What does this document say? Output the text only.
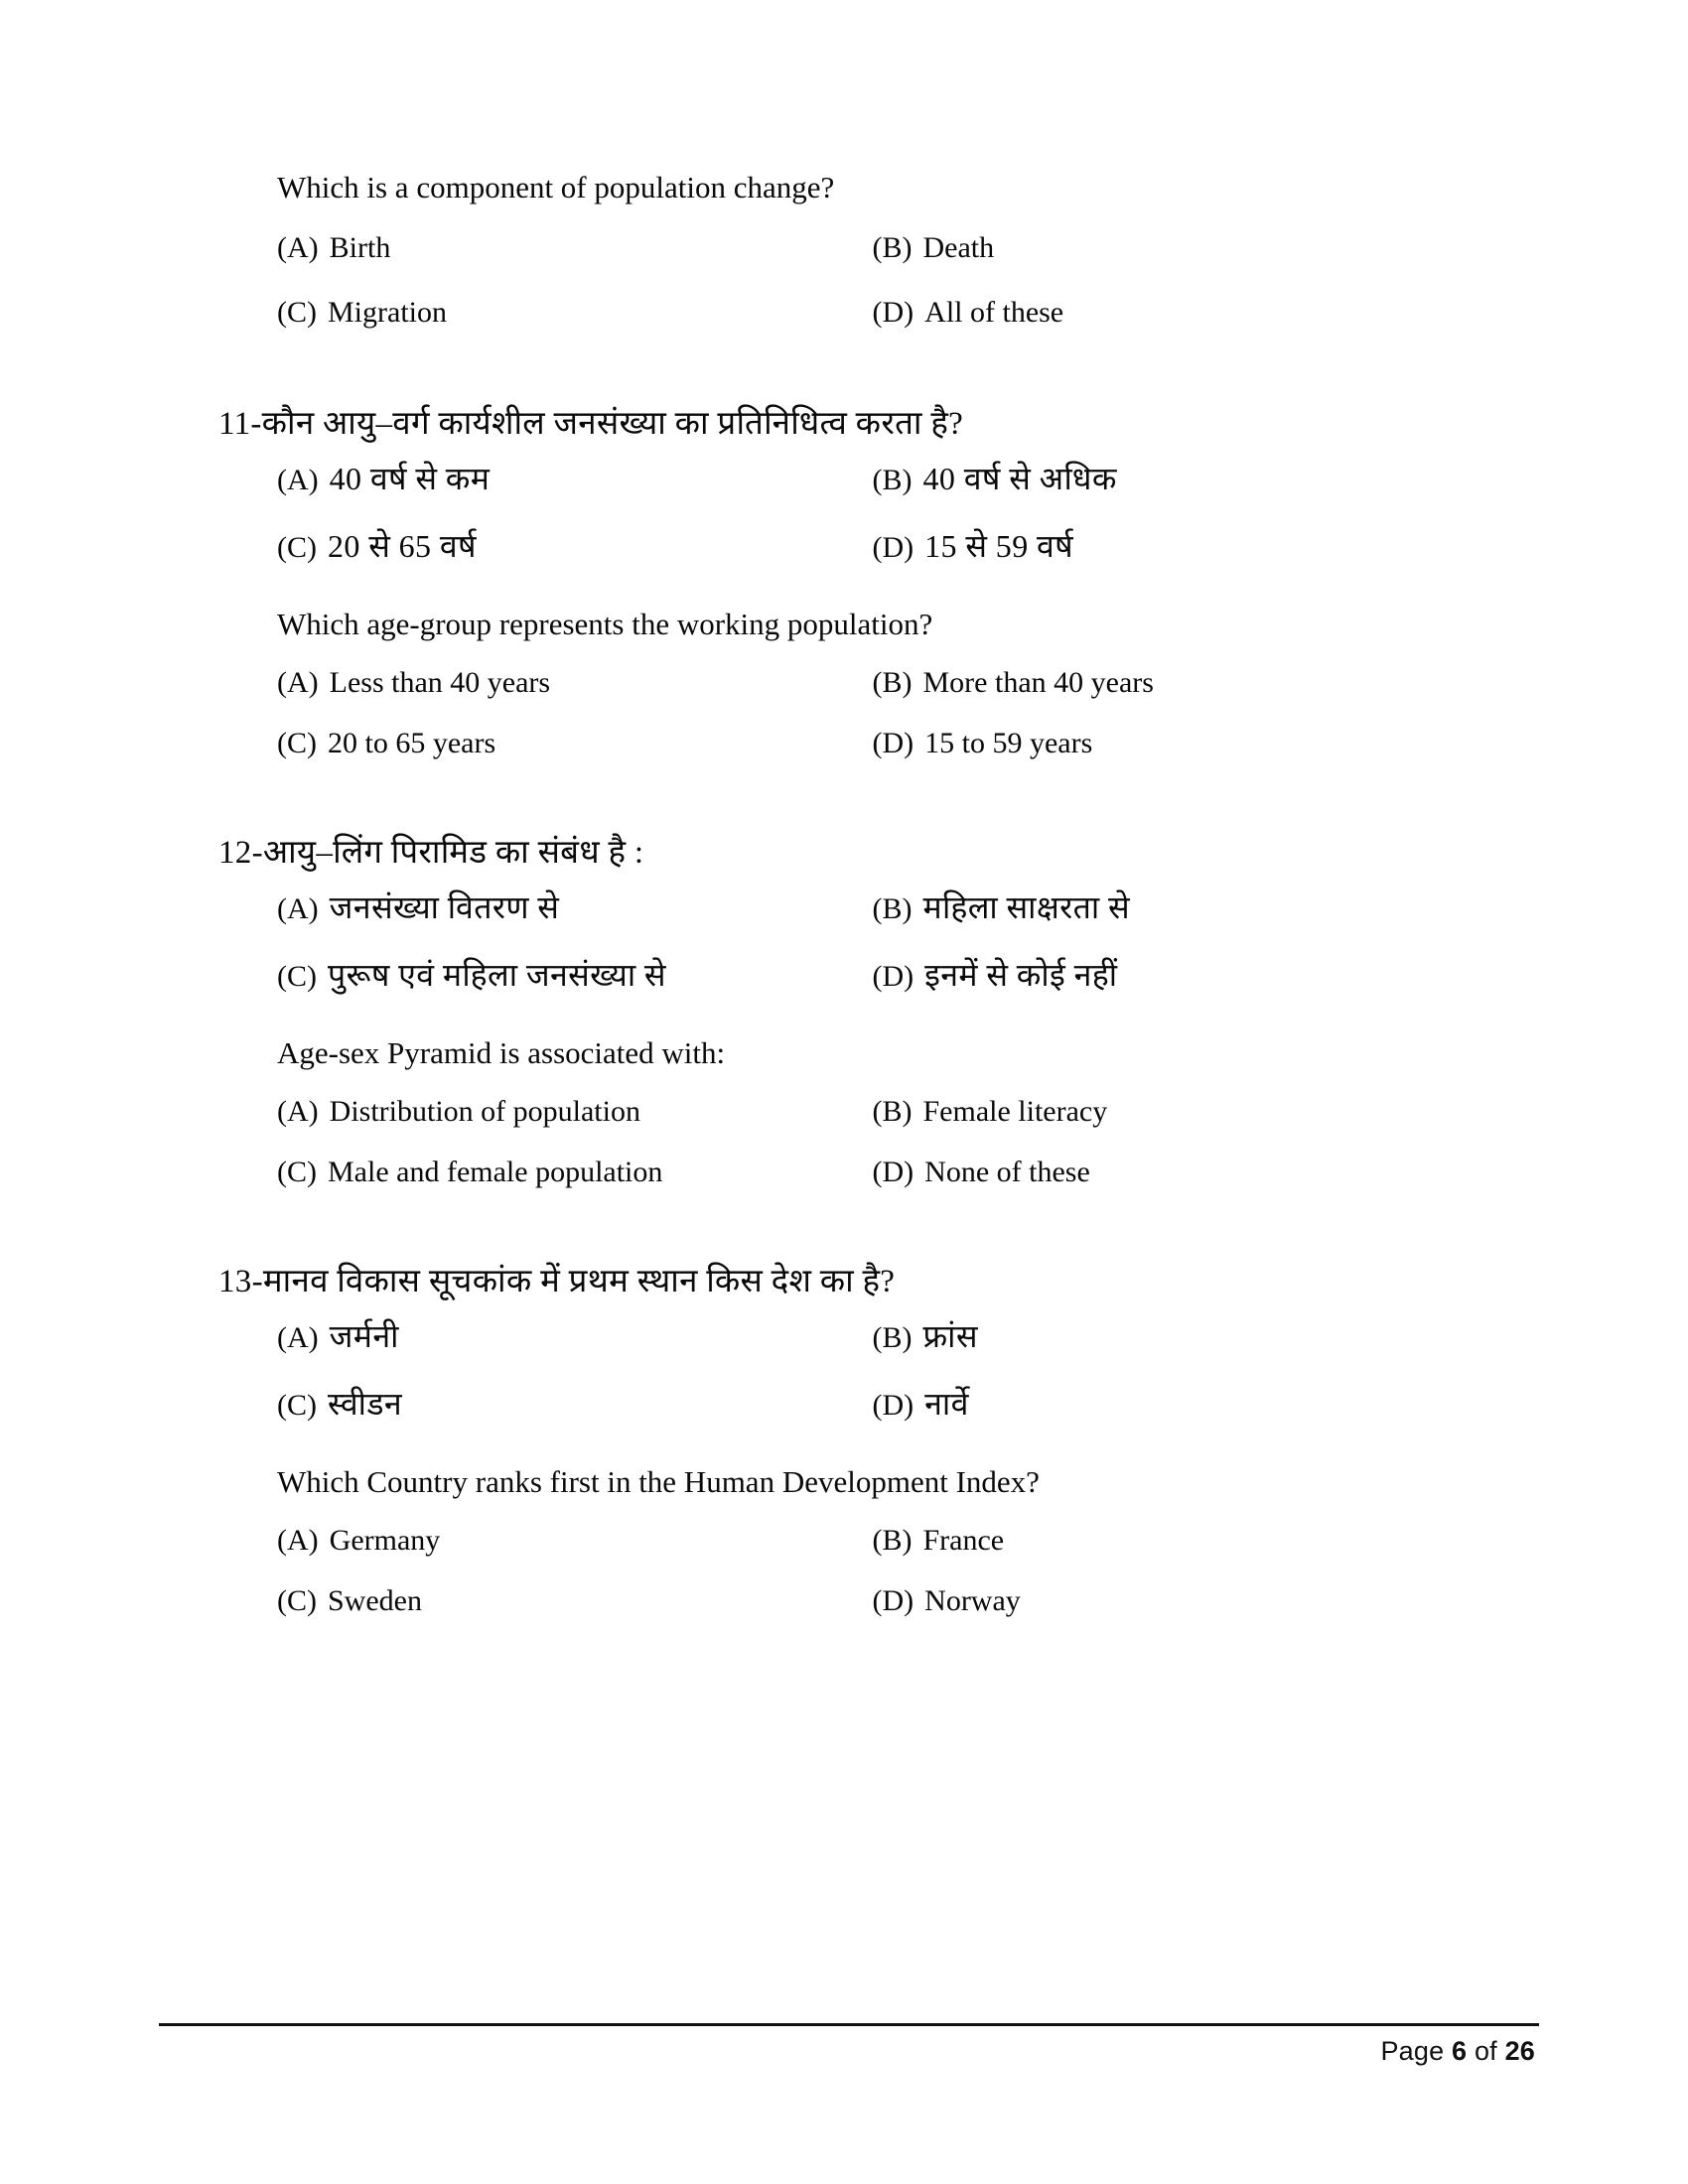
Which is a component of population change?
(A) Birth	(B) Death
(C) Migration	(D) All of these
11- कौन आयु–वर्ग कार्यशील जनसंख्या का प्रतिनिधित्व करता है?
(A) 40 वर्ष से कम	(B) 40 वर्ष से अधिक
(C) 20 से 65 वर्ष	(D) 15 से 59 वर्ष
Which age-group represents the working population?
(A) Less than 40 years	(B) More than 40 years
(C) 20 to 65 years	(D) 15 to 59 years
12- आयु–लिंग पिरामिड का संबंध है :
(A) जनसंख्या वितरण से	(B) महिला साक्षरता से
(C) पुरूष एवं महिला जनसंख्या से	(D) इनमें से कोई नहीं
Age-sex Pyramid is associated with:
(A) Distribution of population	(B) Female literacy
(C) Male and female population	(D) None of these
13- मानव विकास सूचकांक में प्रथम स्थान किस देश का है?
(A) जर्मनी	(B) फ्रांस
(C) स्वीडन	(D) नार्वे
Which Country ranks first in the Human Development Index?
(A) Germany	(B) France
(C) Sweden	(D) Norway
Page 6 of 26
